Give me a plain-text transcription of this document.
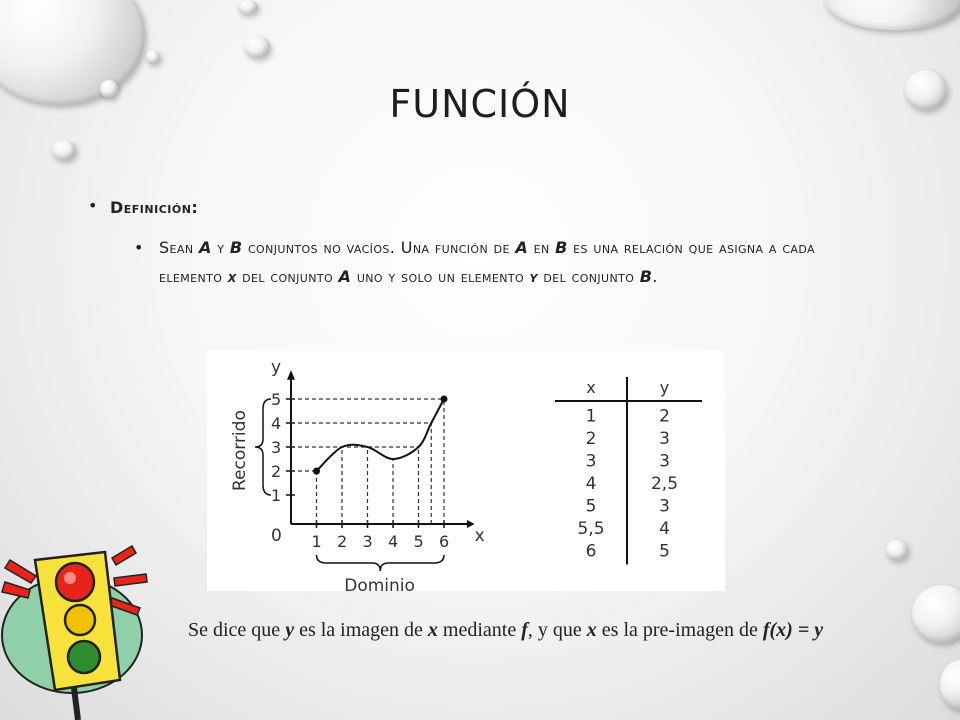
FUNCIÓN
• Definición:
• Sean A y B conjuntos no vacíos. Una función de A en B es una relación que asigna a cada elemento x del conjunto A uno y solo un elemento y del conjunto B.
x
y
0
1
2
3
4
5
1 2 3 4 5 6
Recorrido
Dominio
x	y
1	2
2	3
3	3
4	2,5
5	3
5,5	4
6	5
Se dice que y es la imagen de x mediante f, y que x es la pre-imagen de f(x) = y
